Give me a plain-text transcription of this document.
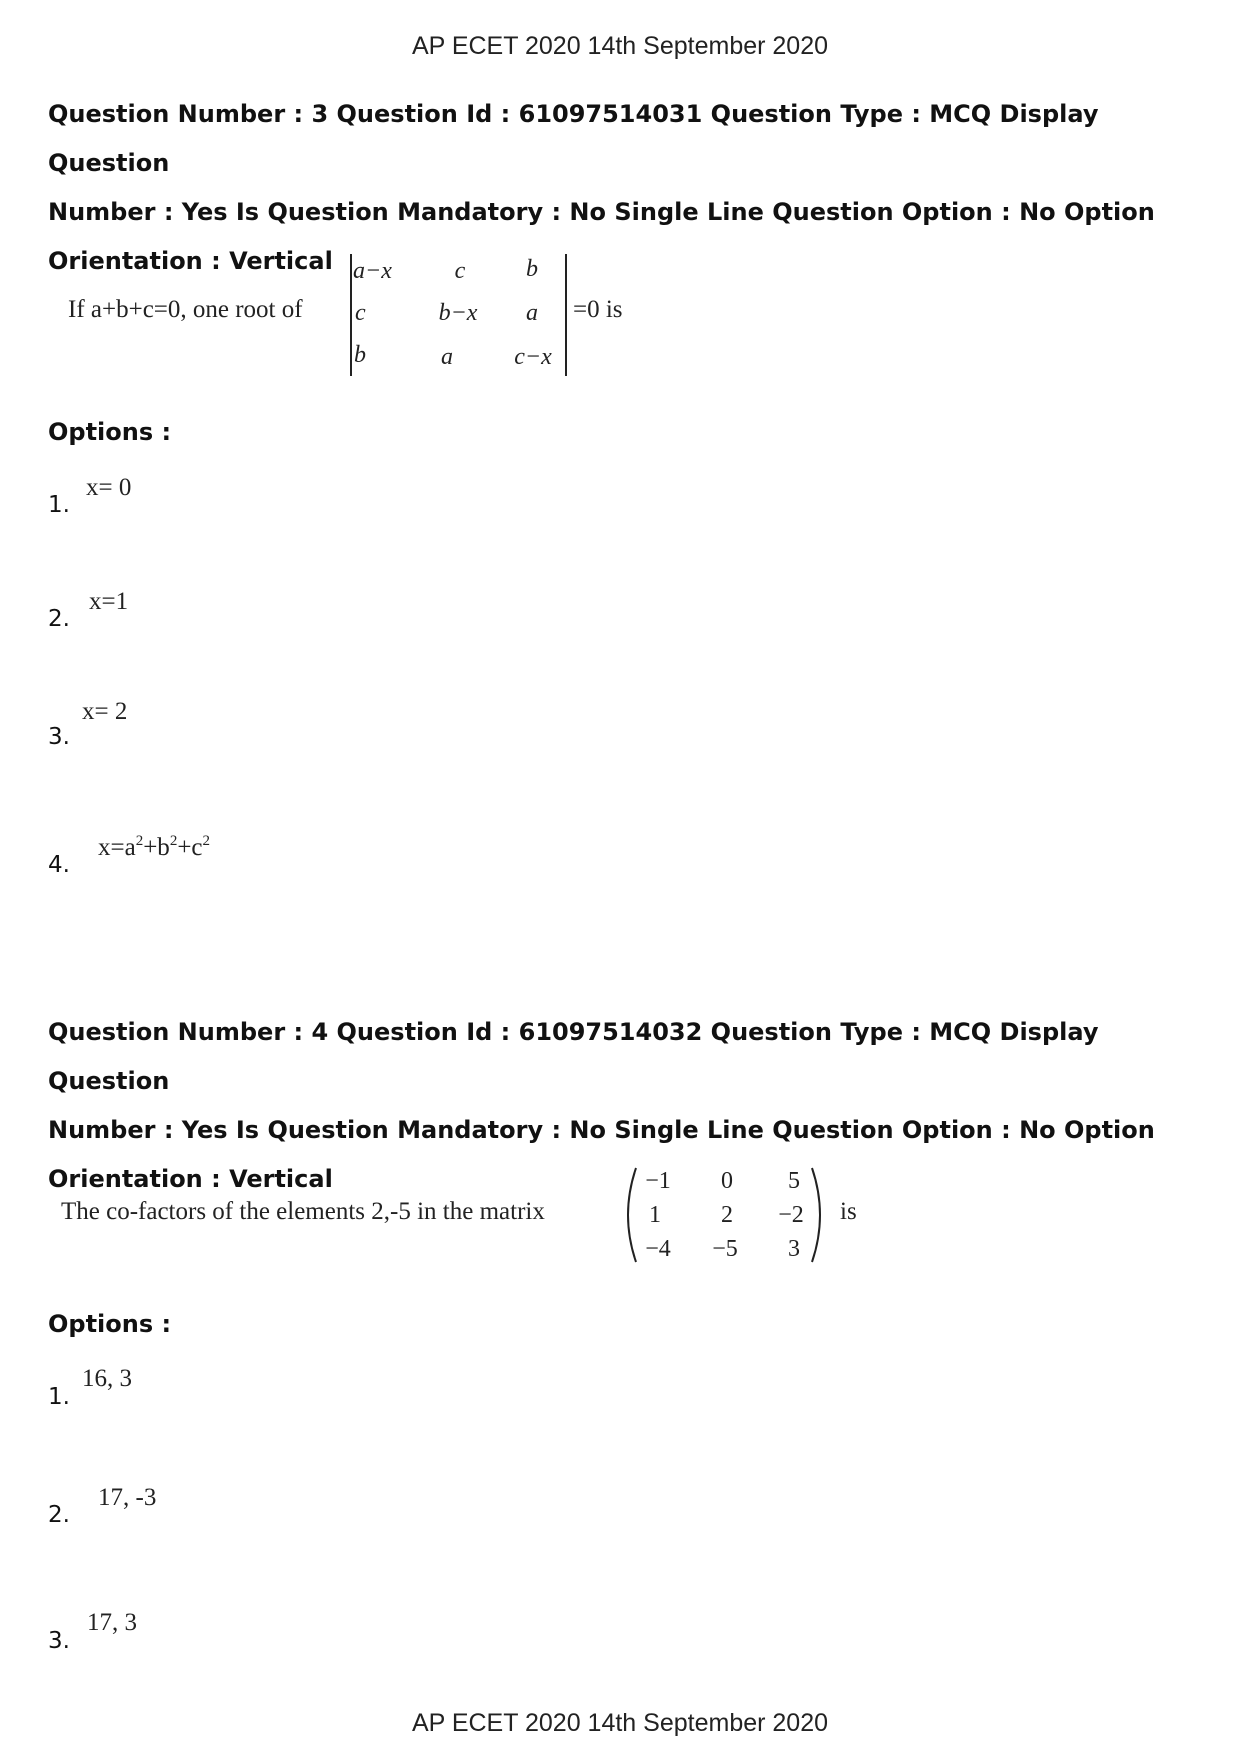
AP ECET 2020 14th September 2020
Question Number : 3 Question Id : 61097514031 Question Type : MCQ Display Question
Number : Yes Is Question Mandatory : No Single Line Question Option : No Option
Orientation : Vertical
If a+b+c=0, one root of
a−x	c	b
c	b−x	a
b	a	c−x
=0 is
Options :
1.
x= 0
2.
x=1
3.
x= 2
4.
$x=a^2+b^2+c^2$
Question Number : 4 Question Id : 61097514032 Question Type : MCQ Display Question
Number : Yes Is Question Mandatory : No Single Line Question Option : No Option
Orientation : Vertical
The co-factors of the elements 2,-5 in the matrix
−1	0	5
1	2	−2
−4	−5	3
is
Options :
1.
16, 3
2.
17, -3
3.
17, 3
AP ECET 2020 14th September 2020
